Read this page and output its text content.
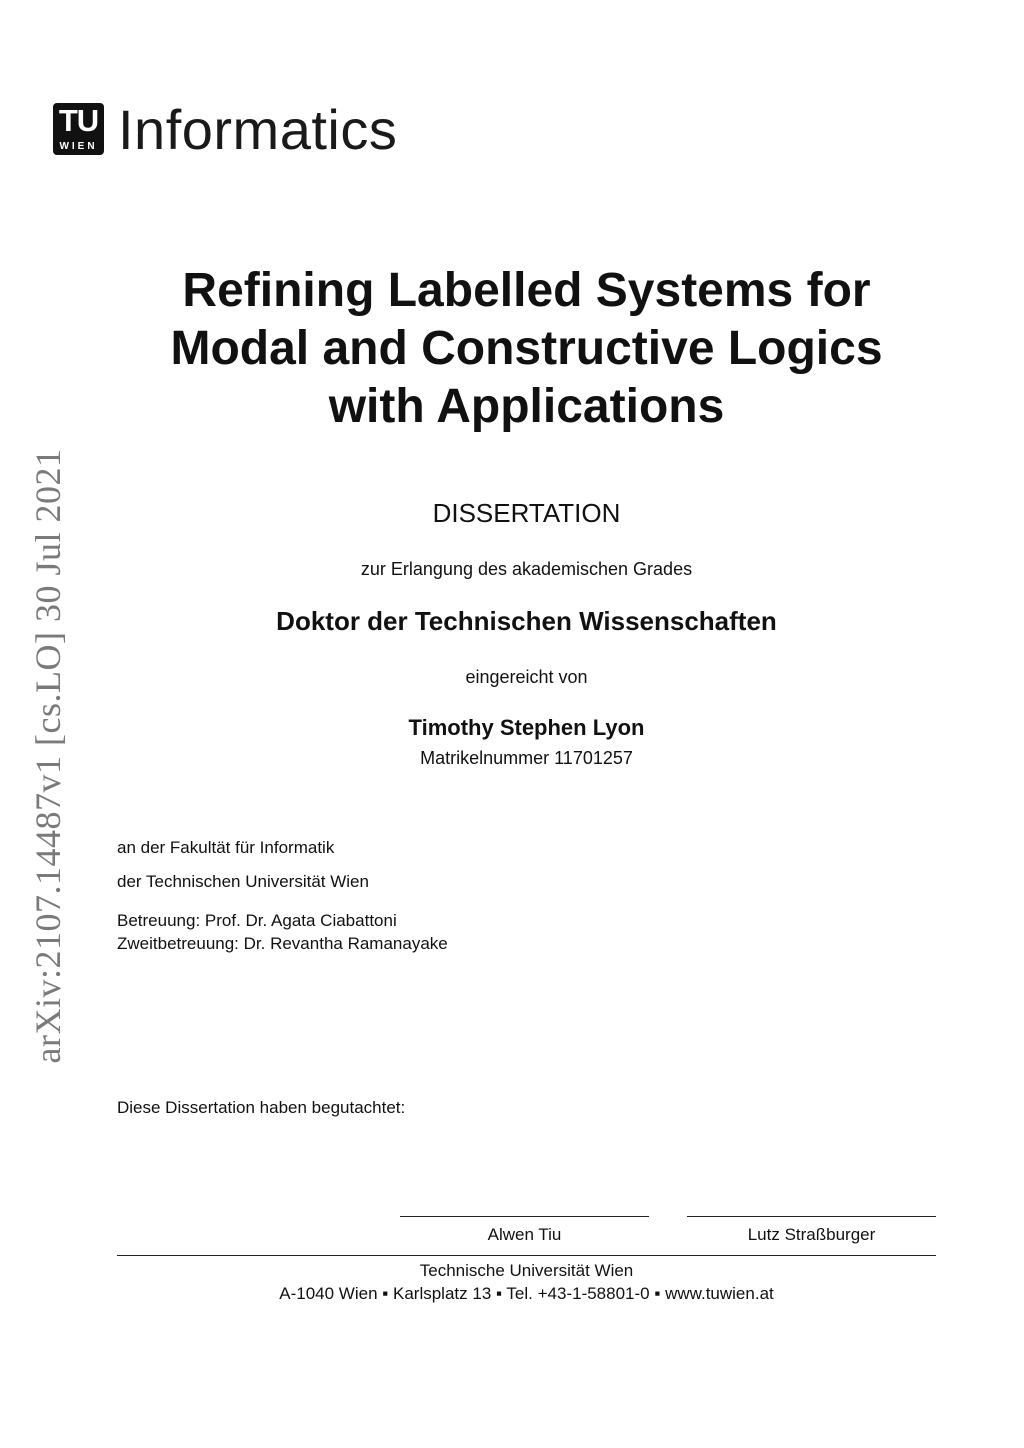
TU
WIEN Informatics
arXiv:2107.14487v1 [cs.LO] 30 Jul 2021
Refining Labelled Systems for
Modal and Constructive Logics
with Applications
DISSERTATION
zur Erlangung des akademischen Grades
Doktor der Technischen Wissenschaften
eingereicht von
Timothy Stephen Lyon
Matrikelnummer 11701257
an der Fakultät für Informatik
der Technischen Universität Wien
Betreuung: Prof. Dr. Agata Ciabattoni
Zweitbetreuung: Dr. Revantha Ramanayake
Diese Dissertation haben begutachtet:
Alwen Tiu	Lutz Straßburger
Technische Universität Wien
A-1040 Wien ▪ Karlsplatz 13 ▪ Tel. +43-1-58801-0 ▪ www.tuwien.at
